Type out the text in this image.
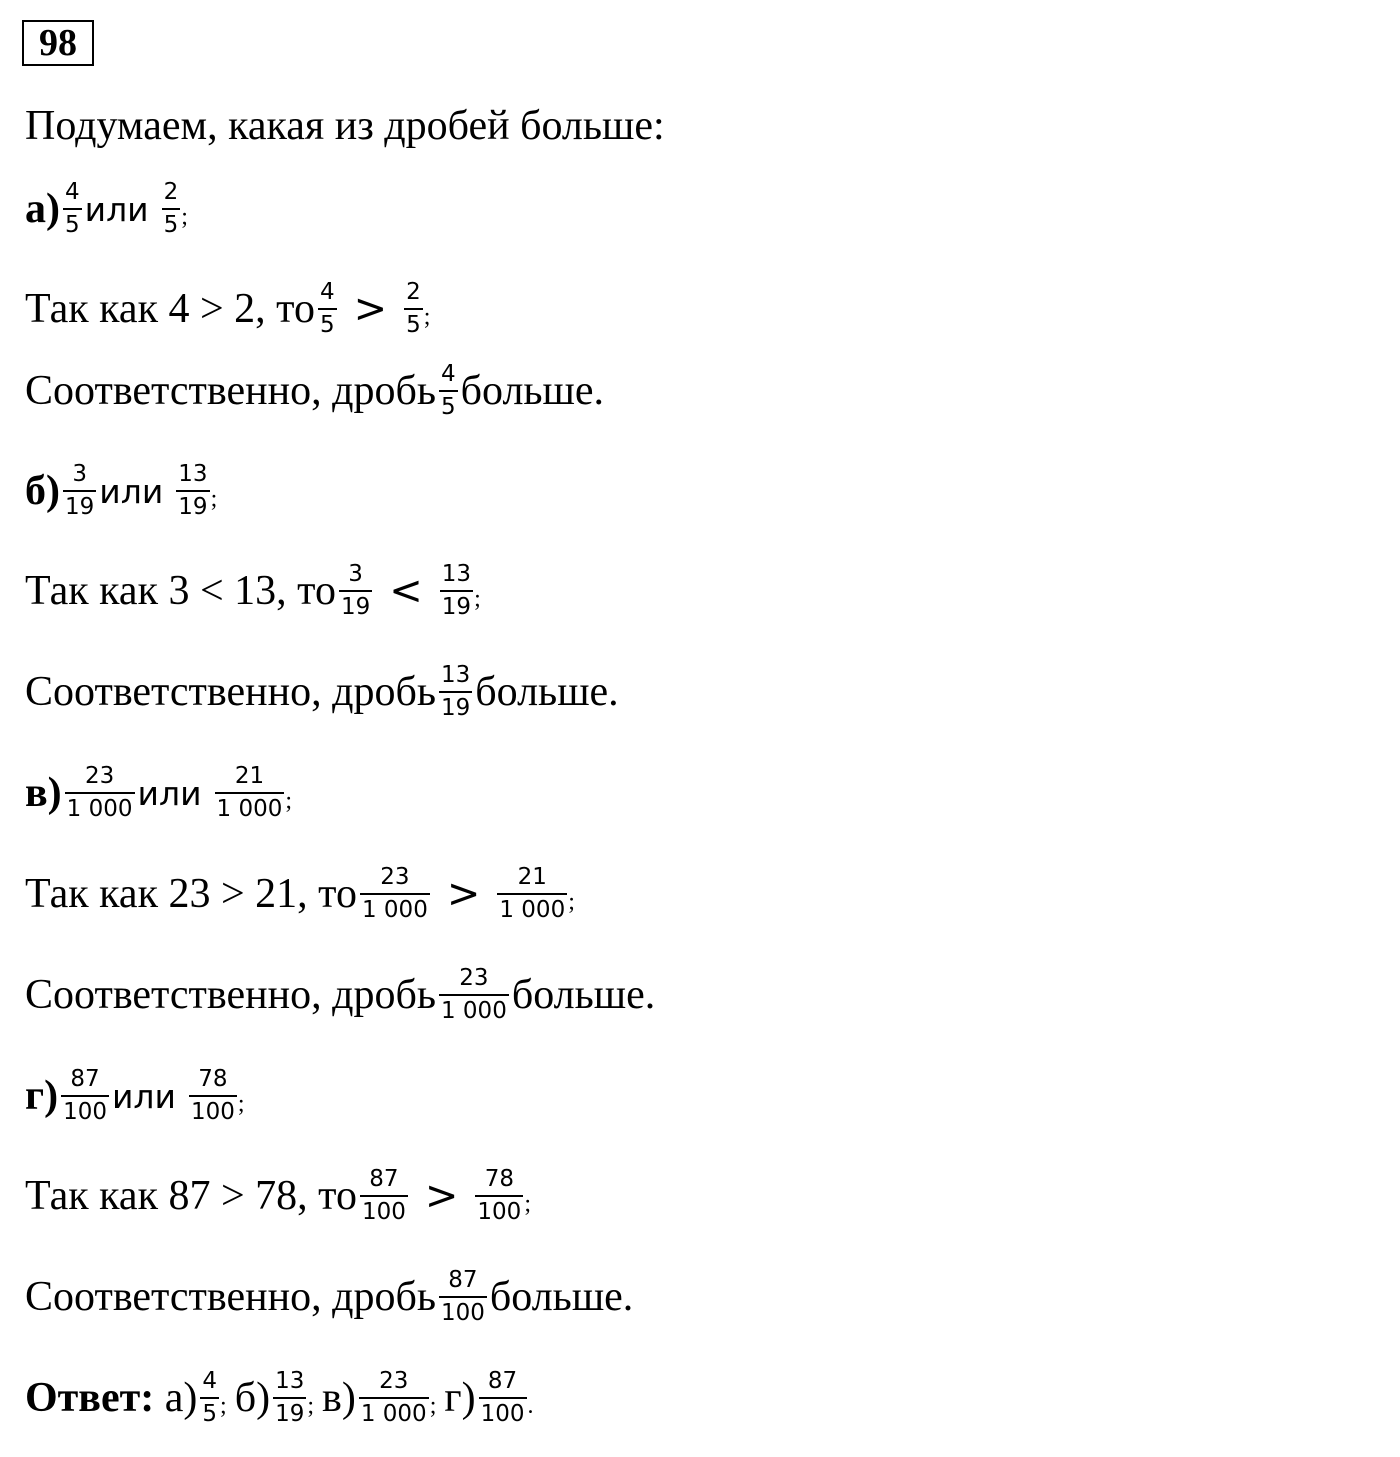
98
Подумаем, какая из дробей больше:
$а) \frac{4}{5}$ или $\frac{2}{5}$ ;
Так как
4 > 2 , то $\frac{4}{5} > \frac{2}{5}$ ;
Соответственно, дробь $\frac{4}{5}$ больше.
$б) \frac{3}{19}$ или $\frac{13}{19}$ ;
Так как
3 < 13 , то $\frac{3}{19} < \frac{13}{19}$ ;
Соответственно, дробь $\frac{13}{19}$ больше.
$в) \frac{23}{1 000}$ или $\frac{21}{1 000}$ ;
Так как
23 > 21 , то $\frac{23}{1 000} > \frac{21}{1 000}$ ;
Соответственно, дробь $\frac{23}{1 000}$ больше.
$г) \frac{87}{100}$ или $\frac{78}{100}$ ;
Так как
87 > 78 , то $\frac{87}{100} > \frac{78}{100}$ ;
Соответственно, дробь $\frac{87}{100}$ больше.
Ответ:
$а) \frac{4}{5}$ ; $б) \frac{13}{19}$ ; $в) \frac{23}{1 000}$ ; $г) \frac{87}{100}$ .
